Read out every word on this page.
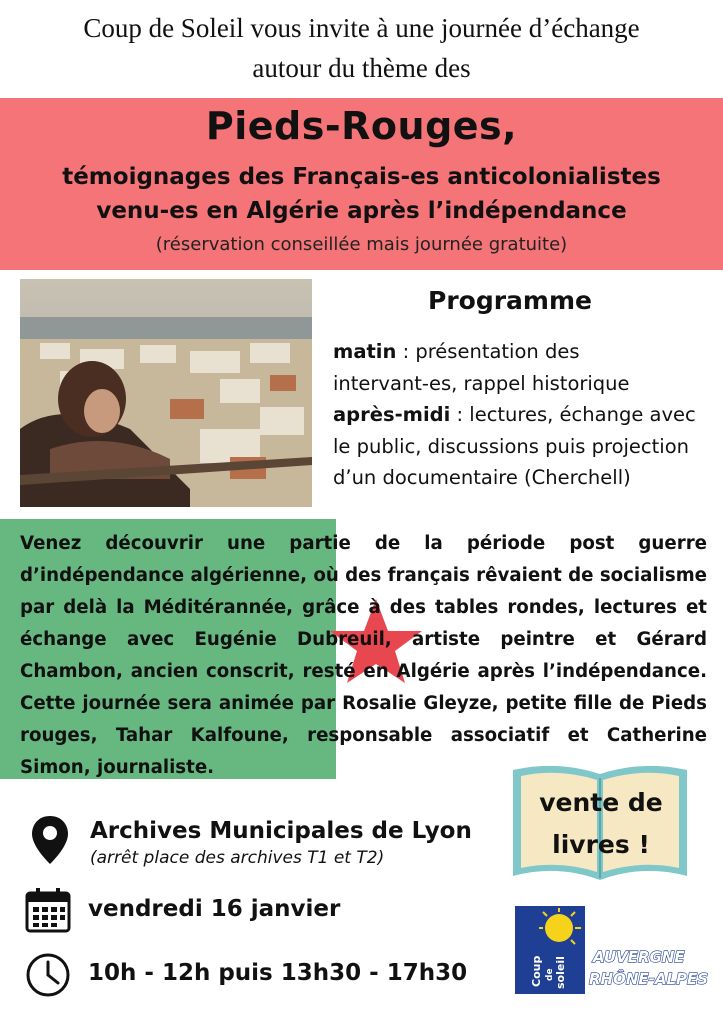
Coup de Soleil vous invite à une journée d’échange
autour du thème des
Pieds-Rouges,
témoignages des Français-es anticolonialistes
venu-es en Algérie après l’indépendance
(réservation conseillée mais journée gratuite)
Programme
matin : présentation des
intervant-es, rappel historique
après-midi : lectures, échange avec
le public, discussions puis projection
d’un documentaire (Cherchell)
Venez découvrir une partie de la période post guerre
d’indépendance algérienne, où des français rêvaient de socialisme
par delà la Méditérannée, grâce à des tables rondes, lectures et
échange avec Eugénie Dubreuil, artiste peintre et Gérard
Chambon, ancien conscrit, resté en Algérie après l’indépendance.
Cette journée sera animée par Rosalie Gleyze, petite fille de Pieds
rouges, Tahar Kalfoune, responsable associatif et Catherine
Simon, journaliste.
vente de
livres !
Archives Municipales de Lyon
(arrêt place des archives T1 et T2)
vendredi 16 janvier
10h - 12h puis 13h30 - 17h30	Coup de soleil AUVERGNE
RHÔNE-ALPES
